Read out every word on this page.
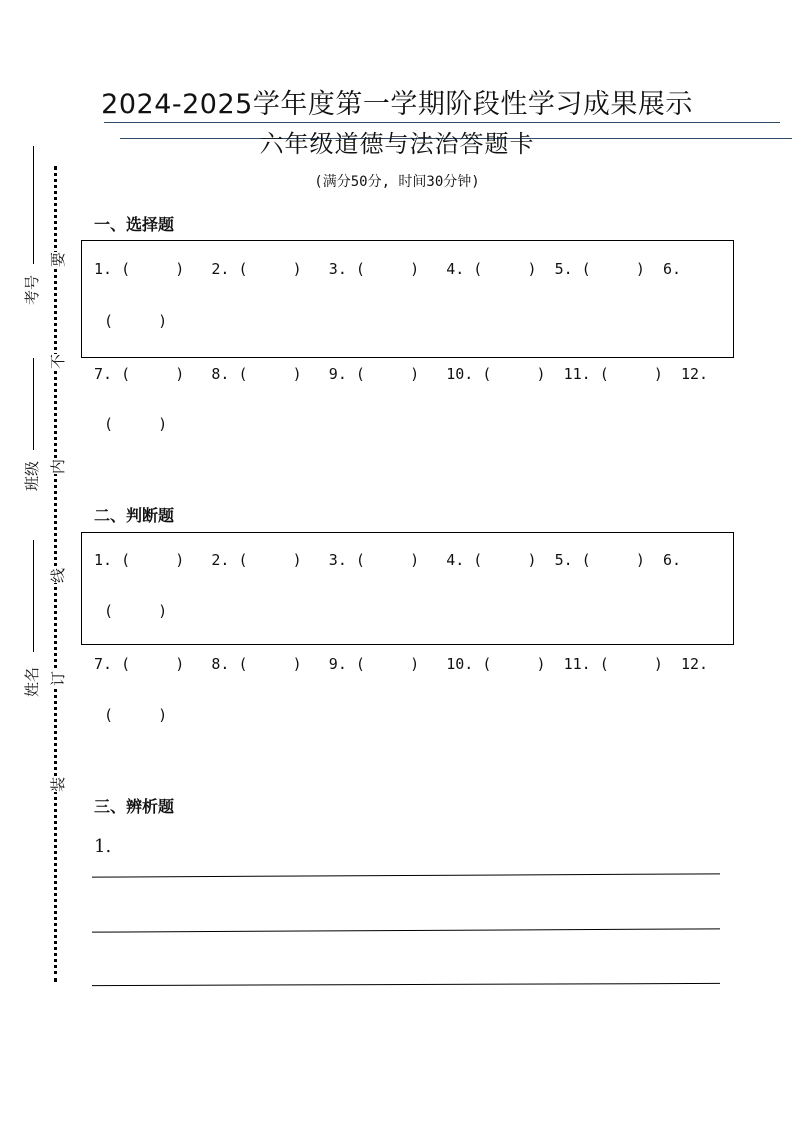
2024-2025学年度第一学期阶段性学习成果展示
六年级道德与法治答题卡
(满分50分, 时间30分钟)
考号
班级
姓名
要
不
内
线
订
装
一、选择题
1. (     )   2. (     )   3. (     )   4. (     )  5. (     )  6.
(     )
7. (     )   8. (     )   9. (     )   10. (     )  11. (     )  12.
(     )
二、判断题
1. (     )   2. (     )   3. (     )   4. (     )  5. (     )  6.
(     )
7. (     )   8. (     )   9. (     )   10. (     )  11. (     )  12.
(     )
三、辨析题
1.
